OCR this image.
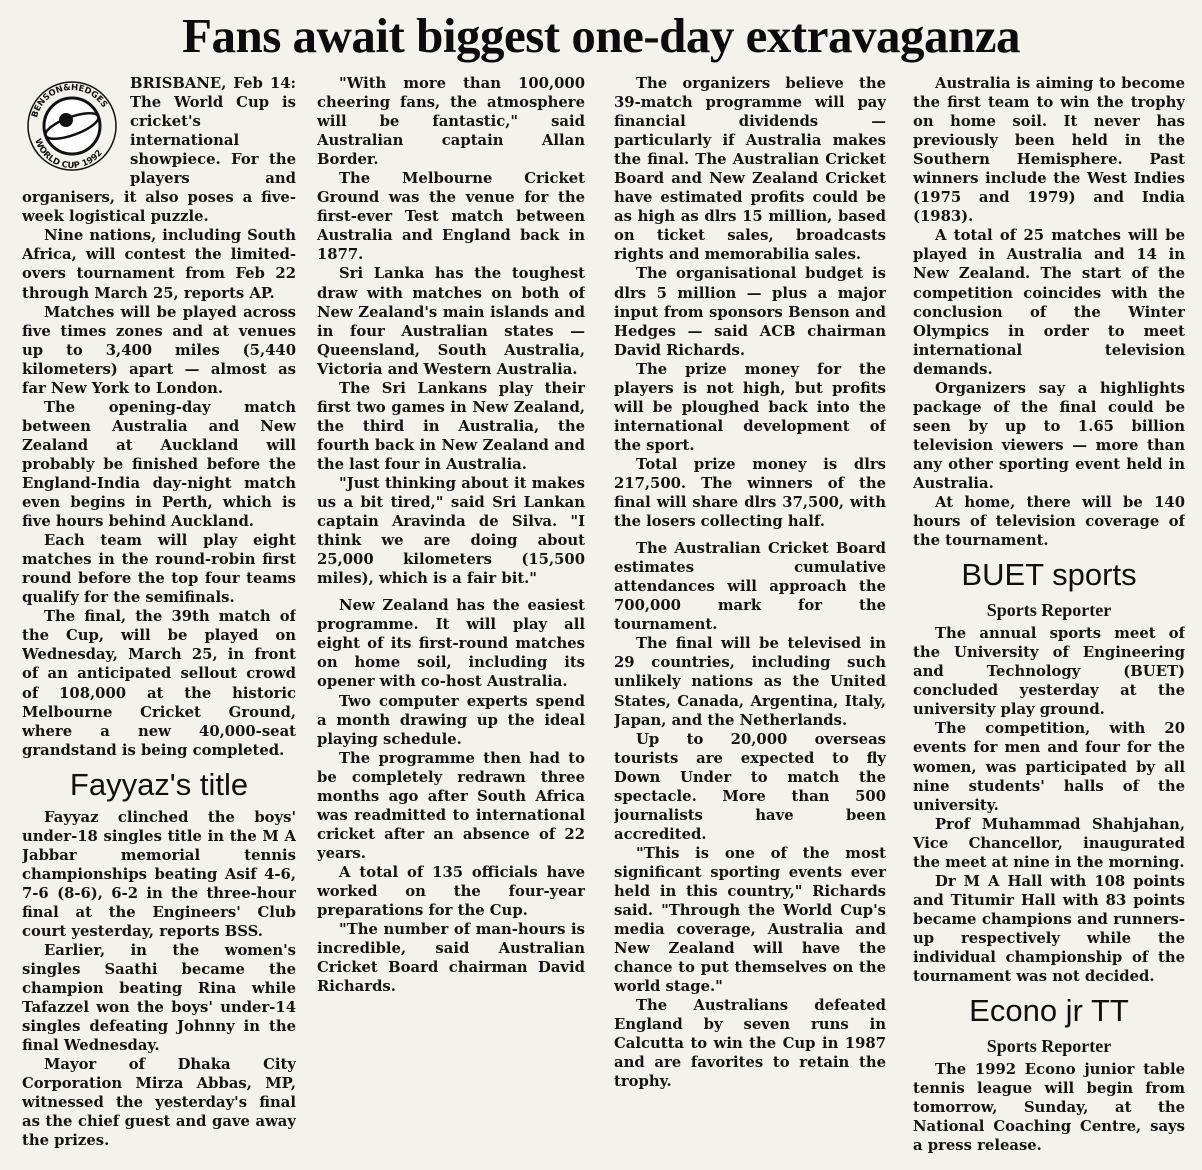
Fans await biggest one-day extravaganza
BENSON&HEDGES
WORLD CUP 1992

BRISBANE, Feb 14: The World Cup is cricket's international showpiece. For the players and organisers, it also poses a five-week logistical puzzle.

Nine nations, including South Africa, will contest the limited-overs tournament from Feb 22 through March 25, reports AP.

Matches will be played across five times zones and at venues up to 3,400 miles (5,440 kilometers) apart — almost as far New York to London.

The opening-day match between Australia and New Zealand at Auckland will probably be finished before the England-India day-night match even begins in Perth, which is five hours behind Auckland.

Each team will play eight matches in the round-robin first round before the top four teams qualify for the semifinals.

The final, the 39th match of the Cup, will be played on Wednesday, March 25, in front of an anticipated sellout crowd of 108,000 at the historic Melbourne Cricket Ground, where a new 40,000-seat grandstand is being completed.

Fayyaz's title

Fayyaz clinched the boys' under-18 singles title in the M A Jabbar memorial tennis championships beating Asif 4-6, 7-6 (8-6), 6-2 in the three-hour final at the Engineers' Club court yesterday, reports BSS.

Earlier, in the women's singles Saathi became the champion beating Rina while Tafazzel won the boys' under-14 singles defeating Johnny in the final Wednesday.

Mayor of Dhaka City Corporation Mirza Abbas, MP, witnessed the yesterday's final as the chief guest and gave away the prizes.

"With more than 100,000 cheering fans, the atmosphere will be fantastic," said Australian captain Allan Border.

The Melbourne Cricket Ground was the venue for the first-ever Test match between Australia and England back in 1877.

Sri Lanka has the toughest draw with matches on both of New Zealand's main islands and in four Australian states — Queensland, South Australia, Victoria and Western Australia.

The Sri Lankans play their first two games in New Zealand, the third in Australia, the fourth back in New Zealand and the last four in Australia.

"Just thinking about it makes us a bit tired," said Sri Lankan captain Aravinda de Silva. "I think we are doing about 25,000 kilometers (15,500 miles), which is a fair bit."

New Zealand has the easiest programme. It will play all eight of its first-round matches on home soil, including its opener with co-host Australia.

Two computer experts spend a month drawing up the ideal playing schedule.

The programme then had to be completely redrawn three months ago after South Africa was readmitted to international cricket after an absence of 22 years.

A total of 135 officials have worked on the four-year preparations for the Cup.

"The number of man-hours is incredible, said Australian Cricket Board chairman David Richards.

The organizers believe the 39-match programme will pay financial dividends — particularly if Australia makes the final. The Australian Cricket Board and New Zealand Cricket have estimated profits could be as high as dlrs 15 million, based on ticket sales, broadcasts rights and memorabilia sales.

The organisational budget is dlrs 5 million — plus a major input from sponsors Benson and Hedges — said ACB chairman David Richards.

The prize money for the players is not high, but profits will be ploughed back into the international development of the sport.

Total prize money is dlrs 217,500. The winners of the final will share dlrs 37,500, with the losers collecting half.

The Australian Cricket Board estimates cumulative attendances will approach the 700,000 mark for the tournament.

The final will be televised in 29 countries, including such unlikely nations as the United States, Canada, Argentina, Italy, Japan, and the Netherlands.

Up to 20,000 overseas tourists are expected to fly Down Under to match the spectacle. More than 500 journalists have been accredited.

"This is one of the most significant sporting events ever held in this country," Richards said. "Through the World Cup's media coverage, Australia and New Zealand will have the chance to put themselves on the world stage."

The Australians defeated England by seven runs in Calcutta to win the Cup in 1987 and are favorites to retain the trophy.

Australia is aiming to become the first team to win the trophy on home soil. It never has previously been held in the Southern Hemisphere. Past winners include the West Indies (1975 and 1979) and India (1983).

A total of 25 matches will be played in Australia and 14 in New Zealand. The start of the competition coincides with the conclusion of the Winter Olympics in order to meet international television demands.

Organizers say a highlights package of the final could be seen by up to 1.65 billion television viewers — more than any other sporting event held in Australia.

At home, there will be 140 hours of television coverage of the tournament.

BUET sports
Sports Reporter

The annual sports meet of the University of Engineering and Technology (BUET) concluded yesterday at the university play ground.

The competition, with 20 events for men and four for the women, was participated by all nine students' halls of the university.

Prof Muhammad Shahjahan, Vice Chancellor, inaugurated the meet at nine in the morning.

Dr M A Hall with 108 points and Titumir Hall with 83 points became champions and runners-up respectively while the individual championship of the tournament was not decided.

Econo jr TT
Sports Reporter

The 1992 Econo junior table tennis league will begin from tomorrow, Sunday, at the National Coaching Centre, says a press release.
